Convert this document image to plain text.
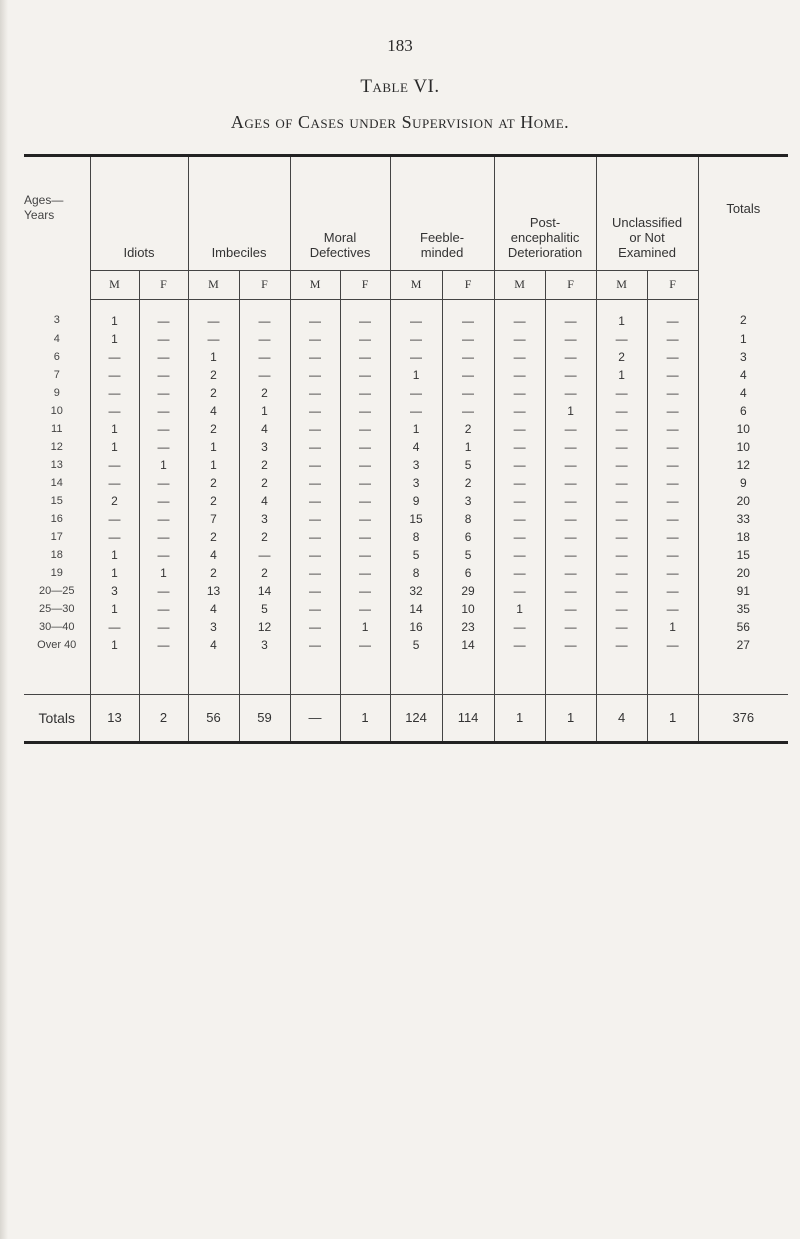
183
Table VI.
Ages of Cases under Supervision at Home.
Ages—
Years	Idiots		Imbeciles		Moral
Defectives		Feeble-
minded		Post-
encephalitic
Deterioration		Unclassified
or Not
Examined		Totals
	M	F	M	F	M	F	M	F	M	F	M	F	
3	1	—	—	—	—	—	—	—	—	—	1	—	2
4	1	—	—	—	—	—	—	—	—	—	—	—	1
6	—	—	1	—	—	—	—	—	—	—	2	—	3
7	—	—	2	—	—	—	1	—	—	—	1	—	4
9	—	—	2	2	—	—	—	—	—	—	—	—	4
10	—	—	4	1	—	—	—	—	—	1	—	—	6
11	1	—	2	4	—	—	1	2	—	—	—	—	10
12	1	—	1	3	—	—	4	1	—	—	—	—	10
13	—	1	1	2	—	—	3	5	—	—	—	—	12
14	—	—	2	2	—	—	3	2	—	—	—	—	9
15	2	—	2	4	—	—	9	3	—	—	—	—	20
16	—	—	7	3	—	—	15	8	—	—	—	—	33
17	—	—	2	2	—	—	8	6	—	—	—	—	18
18	1	—	4	—	—	—	5	5	—	—	—	—	15
19	1	1	2	2	—	—	8	6	—	—	—	—	20
20—25	3	—	13	14	—	—	32	29	—	—	—	—	91
25—30	1	—	4	5	—	—	14	10	1	—	—	—	35
30—40	—	—	3	12	—	1	16	23	—	—	—	1	56
Over 40	1	—	4	3	—	—	5	14	—	—	—	—	27

Totals	13	2	56	59	—	1	124	114	1	1	4	1	376
